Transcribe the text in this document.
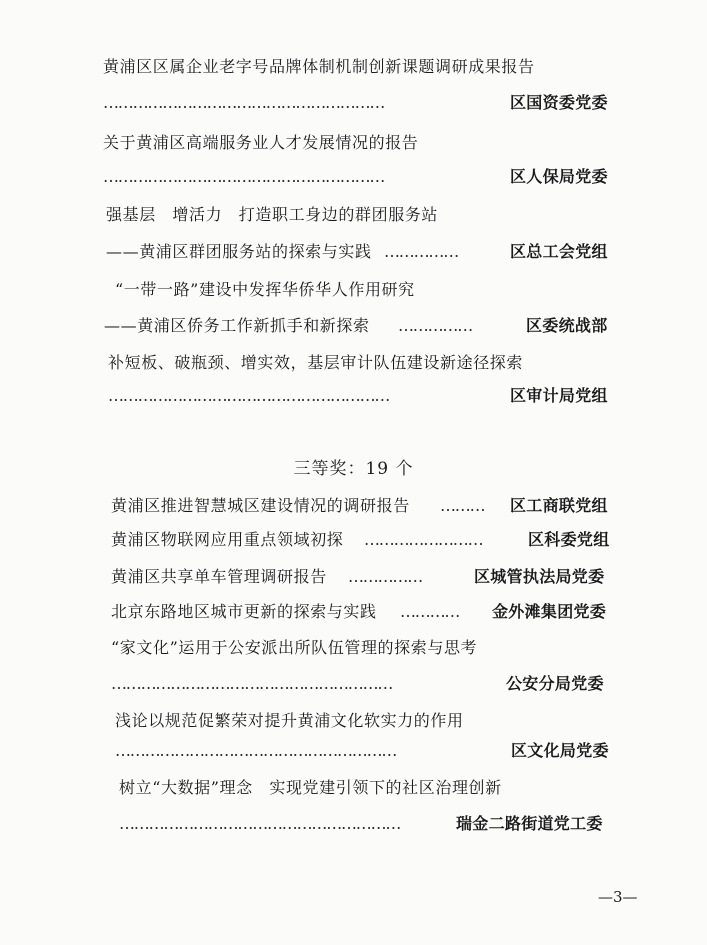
黄浦区区属企业老字号品牌体制机制创新课题调研成果报告
…………………………………………………	区国资委党委
关于黄浦区高端服务业人才发展情况的报告
…………………………………………………	区人保局党委
强基层　增活力　打造职工身边的群团服务站
——黄浦区群团服务站的探索与实践 ……………	区总工会党组
“一带一路”建设中发挥华侨华人作用研究
——黄浦区侨务工作新抓手和新探索 ……………	区委统战部
补短板、破瓶颈、增实效，基层审计队伍建设新途径探索
…………………………………………………	区审计局党组
三等奖：19 个
黄浦区推进智慧城区建设情况的调研报告 ………	区工商联党组
黄浦区物联网应用重点领域初探 ……………………	区科委党组
黄浦区共享单车管理调研报告 ……………	区城管执法局党委
北京东路地区城市更新的探索与实践 …………	金外滩集团党委
“家文化”运用于公安派出所队伍管理的探索与思考
…………………………………………………	公安分局党委
浅论以规范促繁荣对提升黄浦文化软实力的作用
…………………………………………………	区文化局党委
树立“大数据”理念　实现党建引领下的社区治理创新
…………………………………………………	瑞金二路街道党工委
—3—
